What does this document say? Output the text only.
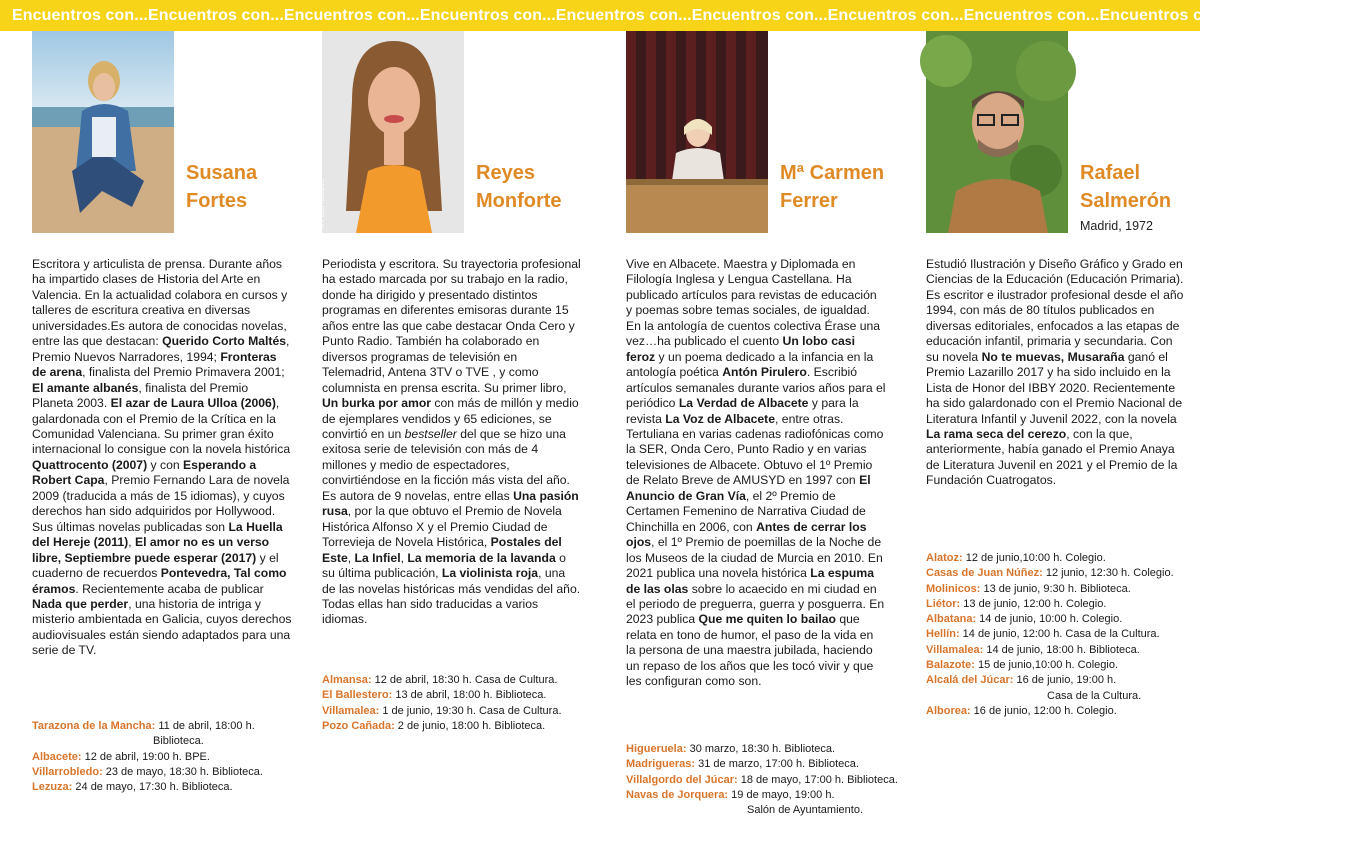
Encuentros con...Encuentros con...Encuentros con...Encuentros con...Encuentros con...Encuentros con...Encuentros con...Encuentros con...Encuentros con...Encuentros con...
Susana
Fortes
Escritora y articulista de prensa. Durante años ha impartido clases de Historia del Arte en Valencia. En la actualidad colabora en cursos y talleres de escritura creativa en diversas universidades.Es autora de conocidas novelas, entre las que destacan: Querido Corto Maltés, Premio Nuevos Narradores, 1994; Fronteras de arena, finalista del Premio Primavera 2001; El amante albanés, finalista del Premio Planeta 2003. El azar de Laura Ulloa (2006), galardonada con el Premio de la Crítica en la Comunidad Valenciana. Su primer gran éxito internacional lo consigue con la novela histórica Quattrocento (2007) y con Esperando a Robert Capa, Premio Fernando Lara de novela 2009 (traducida a más de 15 idiomas), y cuyos derechos han sido adquiridos por Hollywood. Sus últimas novelas publicadas son La Huella del Hereje (2011), El amor no es un verso libre, Septiembre puede esperar (2017) y el cuaderno de recuerdos Pontevedra, Tal como éramos. Recientemente acaba de publicar Nada que perder, una historia de intriga y misterio ambientada en Galicia, cuyos derechos audiovisuales están siendo adaptados para una serie de TV.
Tarazona de la Mancha: 11 de abril, 18:00 h.
Biblioteca.
Albacete: 12 de abril, 19:00 h. BPE.
Villarrobledo: 23 de mayo, 18:30 h. Biblioteca.
Lezuza: 24 de mayo, 17:30 h. Biblioteca.
© Paco Navarro
Reyes
Monforte
Periodista y escritora. Su trayectoria profesional ha estado marcada por su trabajo en la radio, donde ha dirigido y presentado distintos programas en diferentes emisoras durante 15 años entre las que cabe destacar Onda Cero y Punto Radio. También ha colaborado en diversos programas de televisión en Telemadrid, Antena 3TV o TVE , y como columnista en prensa escrita. Su primer libro, Un burka por amor con más de millón y medio de ejemplares vendidos y 65 ediciones, se convirtió en un bestseller del que se hizo una exitosa serie de televisión con más de 4 millones y medio de espectadores, convirtiéndose en la ficción más vista del año. Es autora de 9 novelas, entre ellas Una pasión rusa, por la que obtuvo el Premio de Novela Histórica Alfonso X y el Premio Ciudad de Torrevieja de Novela Histórica, Postales del Este, La Infiel, La memoria de la lavanda o su última publicación, La violinista roja, una de las novelas históricas más vendidas del año. Todas ellas han sido traducidas a varios idiomas.
Almansa: 12 de abril, 18:30 h. Casa de Cultura.
El Ballestero: 13 de abril, 18:00 h. Biblioteca.
Villamalea: 1 de junio, 19:30 h. Casa de Cultura.
Pozo Cañada: 2 de junio, 18:00 h. Biblioteca.
Mª Carmen
Ferrer
Vive en Albacete. Maestra y Diplomada en Filología Inglesa y Lengua Castellana. Ha publicado artículos para revistas de educación y poemas sobre temas sociales, de igualdad. En la antología de cuentos colectiva Érase una vez…ha publicado el cuento Un lobo casi feroz y un poema dedicado a la infancia en la antología poética Antón Pirulero. Escribió artículos semanales durante varios años para el periódico La Verdad de Albacete y para la revista La Voz de Albacete, entre otras. Tertuliana en varias cadenas radiofónicas como la SER, Onda Cero, Punto Radio y en varias televisiones de Albacete. Obtuvo el 1º Premio de Relato Breve de AMUSYD en 1997 con El Anuncio de Gran Vía, el 2º Premio de Certamen Femenino de Narrativa Ciudad de Chinchilla en 2006, con Antes de cerrar los ojos, el 1º Premio de poemillas de la Noche de los Museos de la ciudad de Murcia en 2010. En 2021 publica una novela histórica La espuma de las olas sobre lo acaecido en mi ciudad en el periodo de preguerra, guerra y posguerra. En 2023 publica Que me quiten lo bailao que relata en tono de humor, el paso de la vida en la persona de una maestra jubilada, haciendo un repaso de los años que les tocó vivir y que les configuran como son.
Higueruela: 30 marzo, 18:30 h. Biblioteca.
Madrigueras: 31 de marzo, 17:00 h. Biblioteca.
Villalgordo del Júcar: 18 de mayo, 17:00 h. Biblioteca.
Navas de Jorquera: 19 de mayo, 19:00 h.
Salón de Ayuntamiento.
Rafael
Salmerón
Madrid, 1972
Estudió Ilustración y Diseño Gráfico y Grado en Ciencias de la Educación (Educación Primaria). Es escritor e ilustrador profesional desde el año 1994, con más de 80 títulos publicados en diversas editoriales, enfocados a las etapas de educación infantil, primaria y secundaria. Con su novela No te muevas, Musaraña ganó el Premio Lazarillo 2017 y ha sido incluido en la Lista de Honor del IBBY 2020. Recientemente ha sido galardonado con el Premio Nacional de Literatura Infantil y Juvenil 2022, con la novela La rama seca del cerezo, con la que, anteriormente, había ganado el Premio Anaya de Literatura Juvenil en 2021 y el Premio de la Fundación Cuatrogatos.
Alatoz: 12 de junio,10:00 h. Colegio.
Casas de Juan Núñez: 12 junio, 12:30 h. Colegio.
Molinicos: 13 de junio, 9:30 h. Biblioteca.
Liétor: 13 de junio, 12:00 h. Colegio.
Albatana: 14 de junio, 10:00 h. Colegio.
Hellín: 14 de junio, 12:00 h. Casa de la Cultura.
Villamalea: 14 de junio, 18:00 h. Biblioteca.
Balazote: 15 de junio,10:00 h. Colegio.
Alcalá del Júcar: 16 de junio, 19:00 h.
Casa de la Cultura.
Alborea: 16 de junio, 12:00 h. Colegio.
